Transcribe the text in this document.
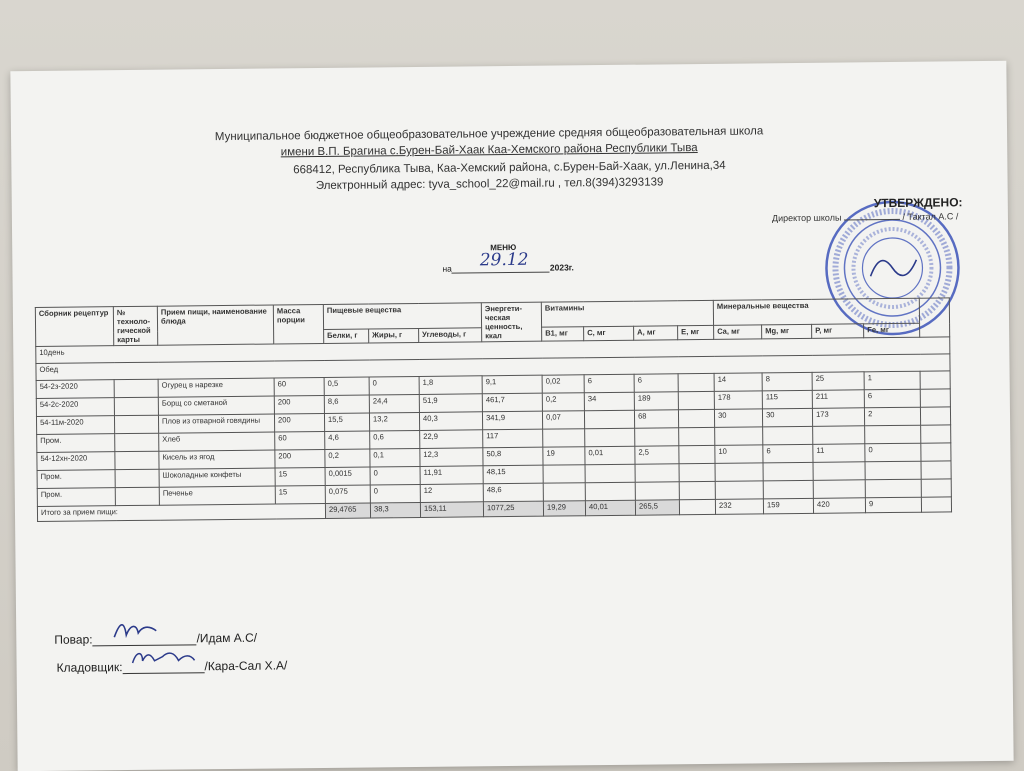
Муниципальное бюджетное общеобразовательное учреждение средняя общеобразовательная школа
имени В.П. Брагина с.Бурен-Бай-Хаак Каа-Хемского района Республики Тыва
668412, Республика Тыва, Каа-Хемский района, с.Бурен-Бай-Хаак, ул.Ленина,34
Электронный адрес: tyva_school_22@mail.ru , тел.8(394)3293139
УТВЕРЖДЕНО:
Директор школы	/ Тактал А.С /
МЕНЮ
на 29.12	2023г.
Сборник рецептур	№ техноло-гической карты	Прием пищи, наименование блюда	Масса порции	Пищевые вещества			Энергети-ческая ценность, ккал	Витамины				Минеральные вещества				
				Белки, г	Жиры, г	Углеводы, г		B1, мг	C, мг	A, мг	E, мг	Ca, мг	Mg, мг	P, мг	Fe, мг	
10день																
Обед																
54-2з-2020		Огурец в нарезке	60	0,5	0	1,8	9,1	0,02	6	6		14	8	25	1	
54-2с-2020		Борщ со сметаной	200	8,6	24,4	51,9	461,7	0,2	34	189		178	115	211	6	
54-11м-2020		Плов из отварной говядины	200	15,5	13,2	40,3	341,9	0,07		68		30	30	173	2	
Пром.		Хлеб	60	4,6	0,6	22,9	117									
54-12хн-2020		Кисель из ягод	200	0,2	0,1	12,3	50,8	19	0,01	2,5		10	6	11	0	
Пром.		Шоколадные конфеты	15	0,0015	0	11,91	48,15									
Пром.		Печенье	15	0,075	0	12	48,6									
Итого за прием пищи:				29,4765	38,3	153,11	1077,25	19,29	40,01	265,5		232	159	420	9	
Повар:	/Идам А.С/
Кладовщик:	/Кара-Сал Х.А/
